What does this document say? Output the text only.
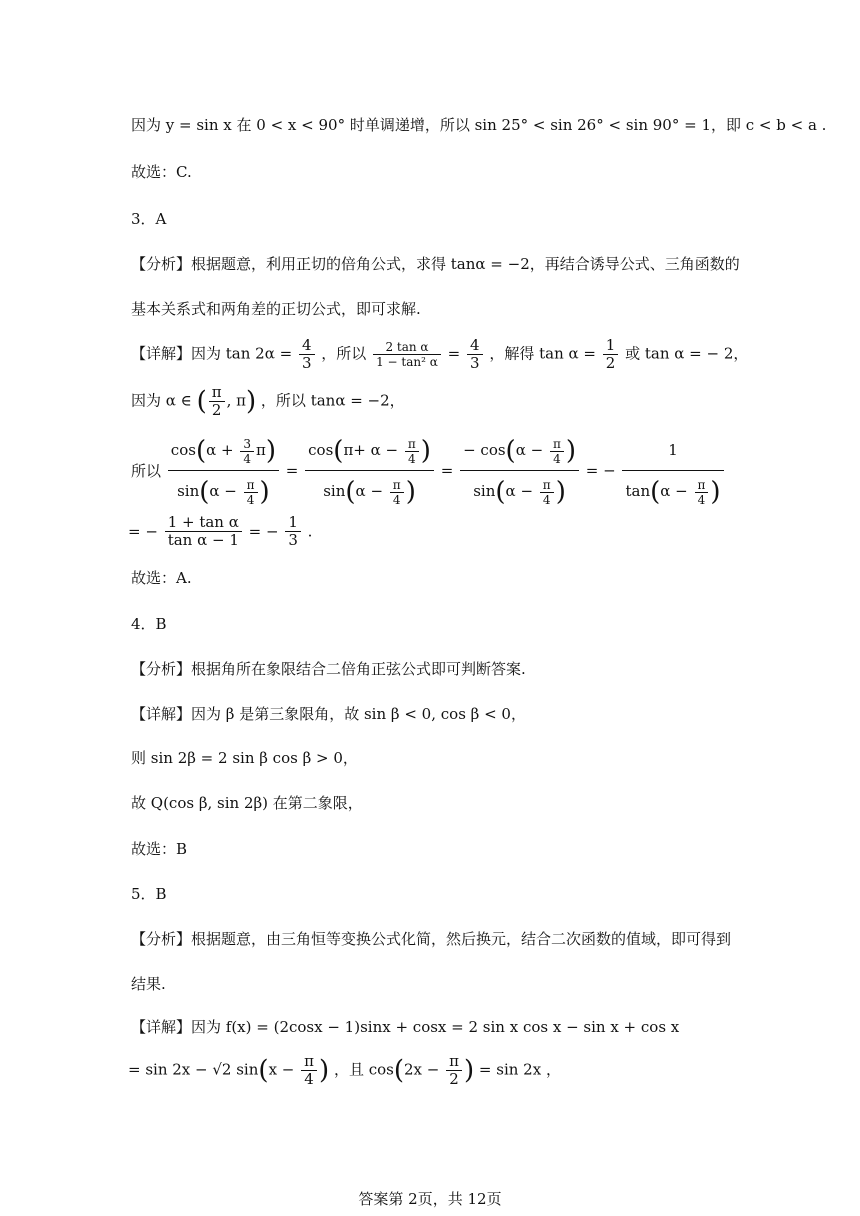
因为 y = sin x 在 0 < x < 90° 时单调递增，所以 sin 25° < sin 26° < sin 90° = 1，即 c < b < a .
故选：C.
3．A
【分析】根据题意，利用正切的倍角公式，求得 tanα = −2，再结合诱导公式、三角函数的
基本关系式和两角差的正切公式，即可求解.
【详解】因为 $\tan 2\alpha = \frac{4}{3}$ ，所以 $\frac{\text{2 tan α}}{\text{1 − tan² α}} = \frac{4}{3}$ ，解得 $\tan \alpha = \frac{1}{2}$ 或 tan α = − 2，
因为 α ∈ ( $\frac{\pi}{2}$ , π) ，所以 tanα = −2，
所以 $\frac{\cos(\alpha + \frac{3}{4} \pi)}{\sin(\alpha - \frac{\pi}{4} )} = \frac{\cos(\pi+ \alpha - \frac{\pi}{4} )}{\sin(\alpha - \frac{\pi}{4} )} = \frac{- \cos(\alpha - \frac{\pi}{4} )}{\sin(\alpha - \frac{\pi}{4} )}$ = − $\frac{1}{\tan(\alpha - \frac{\pi}{4} )}$
= − $\frac{\text{1 + tan α}}{\text{tan α − 1}}$ = − $\frac{1}{3}$ .
故选：A.
4．B
【分析】根据角所在象限结合二倍角正弦公式即可判断答案.
【详解】因为 β 是第三象限角，故 sin β < 0, cos β < 0，
则 sin 2β = 2 sin β cos β > 0，
故 Q(cos β, sin 2β) 在第二象限，
故选：B
5．B
【分析】根据题意，由三角恒等变换公式化简，然后换元，结合二次函数的值域，即可得到
结果.
【详解】因为 f(x) = (2cosx − 1)sinx + cosx = 2 sin x cos x − sin x + cos x
= sin 2x − √2 $\sin(x - \frac{\pi}{4}$ ) ，且 $\cos(2x - \frac{\pi}{2}$ ) = sin 2x ，
答案第 2页，共 12页
